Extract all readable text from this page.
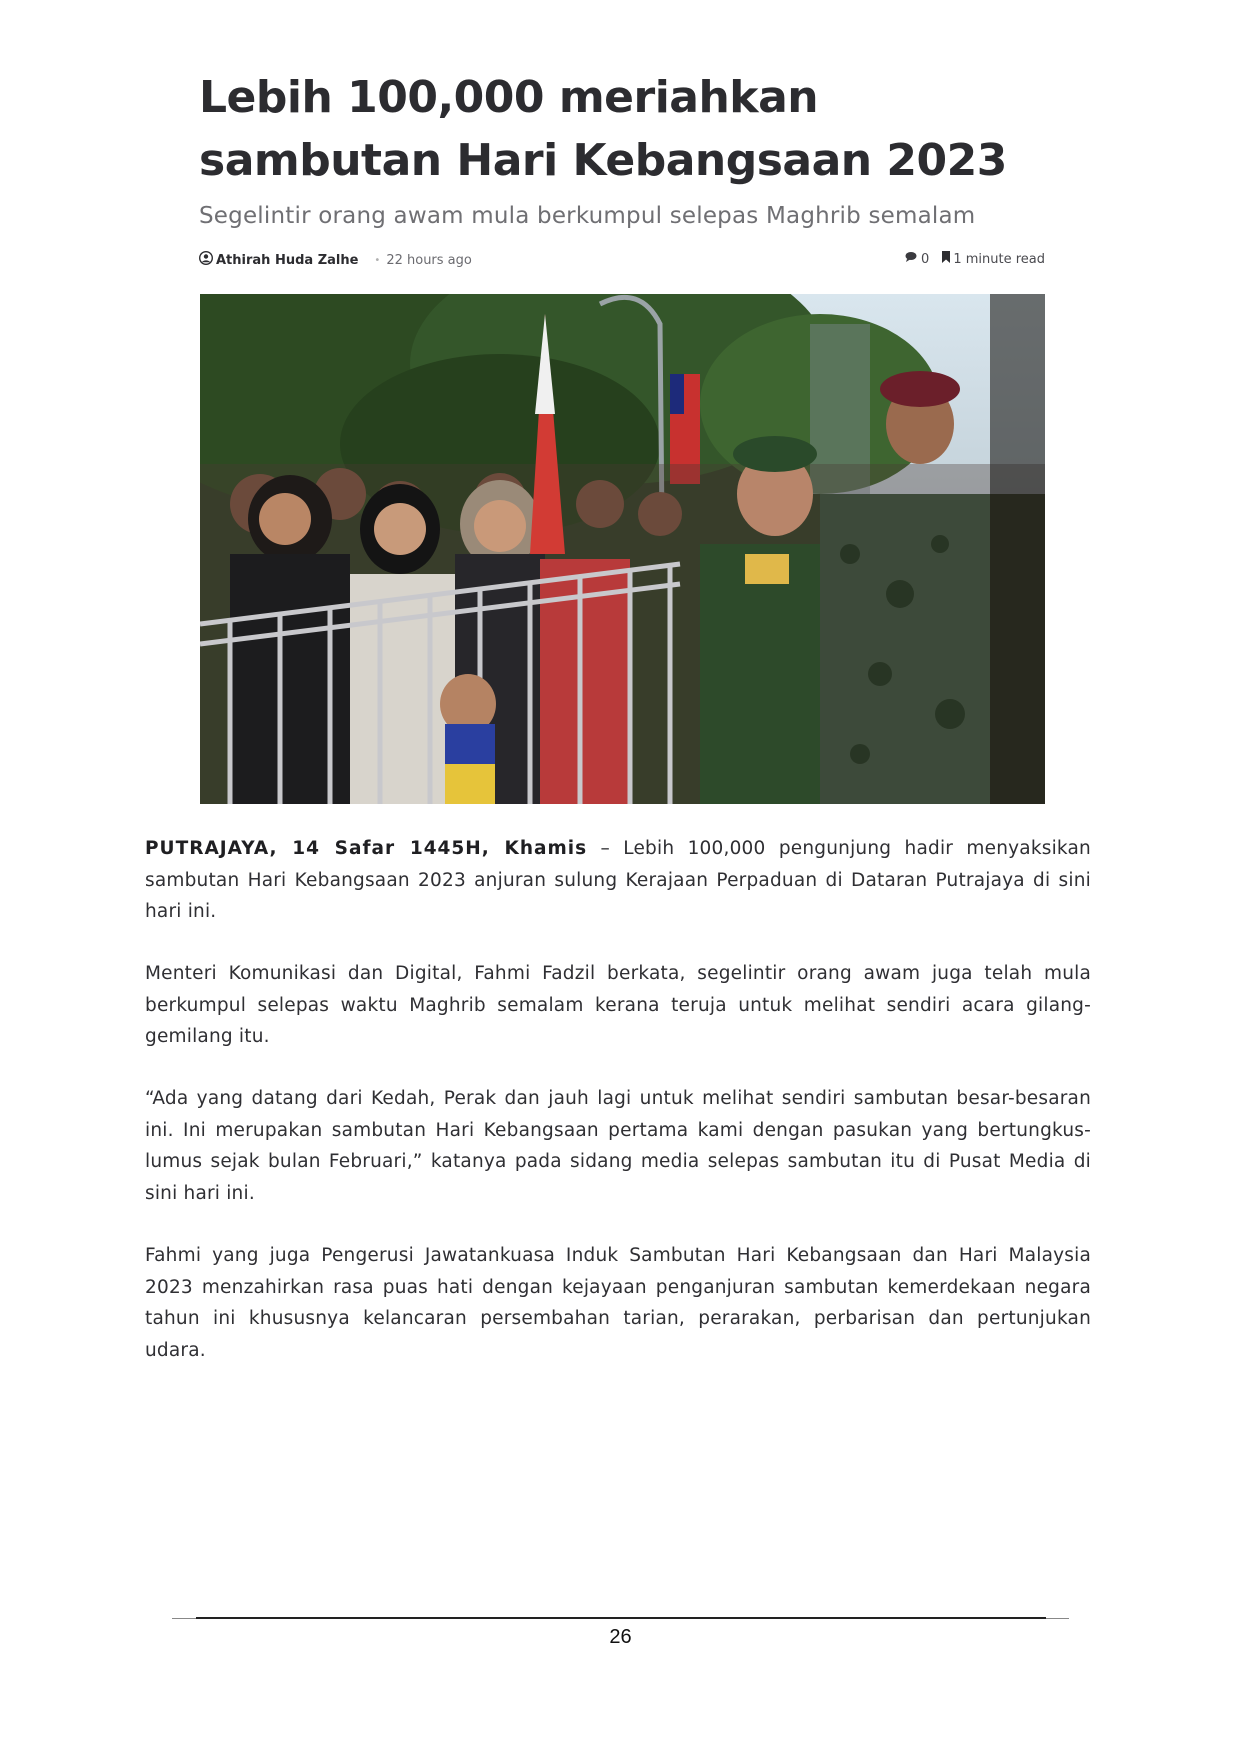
Lebih 100,000 meriahkan sambutan Hari Kebangsaan 2023
Segelintir orang awam mula berkumpul selepas Maghrib semalam
Athirah Huda Zalhe • 22 hours ago	0 1 minute read

PUTRAJAYA, 14 Safar 1445H, Khamis – Lebih 100,000 pengunjung hadir menyaksikan sambutan Hari Kebangsaan 2023 anjuran sulung Kerajaan Perpaduan di Dataran Putrajaya di sini hari ini.

Menteri Komunikasi dan Digital, Fahmi Fadzil berkata, segelintir orang awam juga telah mula berkumpul selepas waktu Maghrib semalam kerana teruja untuk melihat sendiri acara gilang-gemilang itu.

“Ada yang datang dari Kedah, Perak dan jauh lagi untuk melihat sendiri sambutan besar-besaran ini. Ini merupakan sambutan Hari Kebangsaan pertama kami dengan pasukan yang bertungkus-lumus sejak bulan Februari,” katanya pada sidang media selepas sambutan itu di Pusat Media di sini hari ini.

Fahmi yang juga Pengerusi Jawatankuasa Induk Sambutan Hari Kebangsaan dan Hari Malaysia 2023 menzahirkan rasa puas hati dengan kejayaan penganjuran sambutan kemerdekaan negara tahun ini khususnya kelancaran persembahan tarian, perarakan, perbarisan dan pertunjukan udara.

26
